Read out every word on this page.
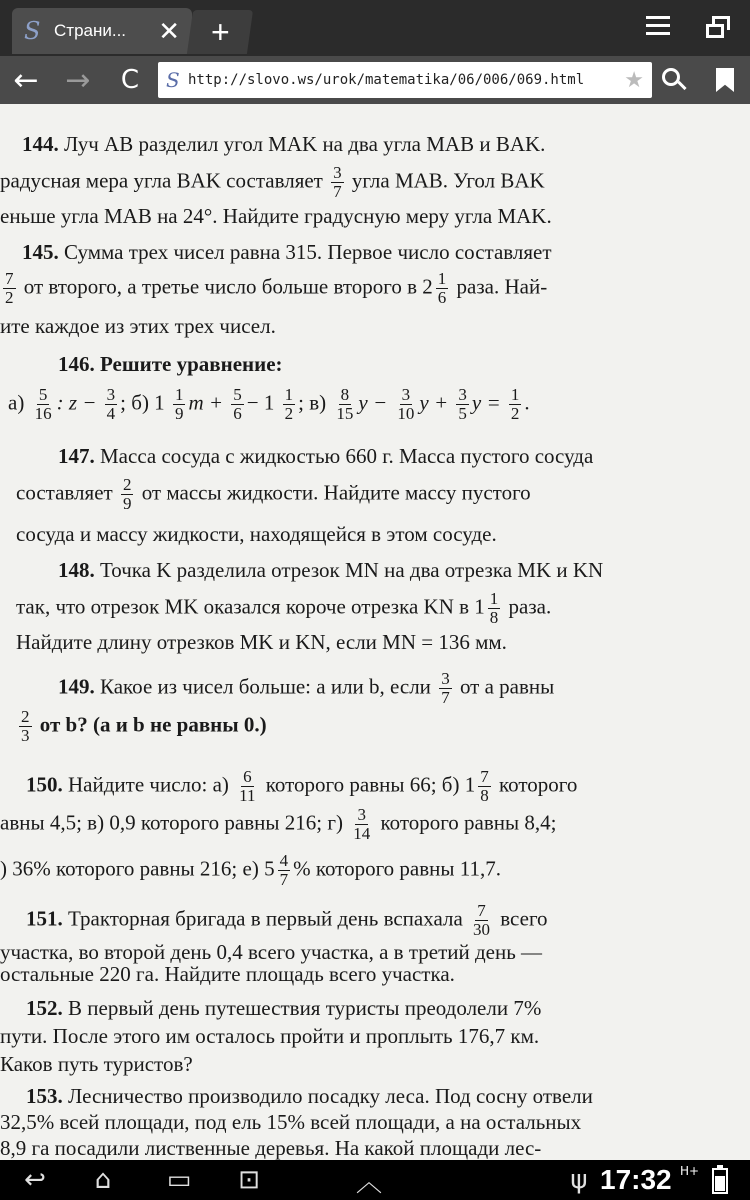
S Страни...	✕ +
← →	C	S http://slovo.ws/urok/matematika/06/006/069.html	★
144. Луч AB разделил угол MAK на два угла MAB и BAK.
радусная мера угла BAK составляет $\frac{3}{7}$ угла MAB. Угол BAK
еньше угла MAB на 24°. Найдите градусную меру угла MAK.
145. Сумма трех чисел равна 315. Первое число составляет
$\frac{7}{2}$ от второго, а третье число больше второго в $2 \frac{1}{6}$ раза. Най-
ите каждое из этих трех чисел.
146. Решите уравнение:
$а) \frac{5}{16}$ : $z - \frac{3}{4}$ ; б) $1 \frac{1}{9}$ $m + \frac{5}{6} - 1 \frac{1}{2}$ ; $в) \frac{8}{15}$ $y - \frac{3}{10}$ $y + \frac{3}{5}$ $y = \frac{1}{2}$ .
147. Масса сосуда с жидкостью 660 г. Масса пустого сосуда
составляет $\frac{2}{9}$ от массы жидкости. Найдите массу пустого
сосуда и массу жидкости, находящейся в этом сосуде.
148. Точка K разделила отрезок MN на два отрезка MK и KN
так, что отрезок MK оказался короче отрезка KN в $1 \frac{1}{8}$ раза.
Найдите длину отрезков MK и KN, если MN = 136 мм.
149. Какое из чисел больше: a или b, если $\frac{3}{7}$ от a равны
$\frac{2}{3}$ от b? (a и b не равны 0.)
150. Найдите число: $а) \frac{6}{11}$ которого равны 66; б) $1 \frac{7}{8}$ которого
авны 4,5; в) 0,9 которого равны 216; $г) \frac{3}{14}$ которого равны 8,4;
) 36% которого равны 216; е) $5 \frac{4}{7}$ % которого равны 11,7.
151. Тракторная бригада в первый день вспахала $\frac{7}{30}$ всего
участка, во второй день 0,4 всего участка, а в третий день —
остальные 220 га. Найдите площадь всего участка.
152. В первый день путешествия туристы преодолели 7%
пути. После этого им осталось пройти и проплыть 176,7 км.
Каков путь туристов?
153. Лесничество производило посадку леса. Под сосну отвели
32,5% всей площади, под ель 15% всей площади, а на остальных
8,9 га посадили лиственные деревья. На какой площади лес-
↩	⌂	▭ ⊡	︿	ψ 17:32 H+
